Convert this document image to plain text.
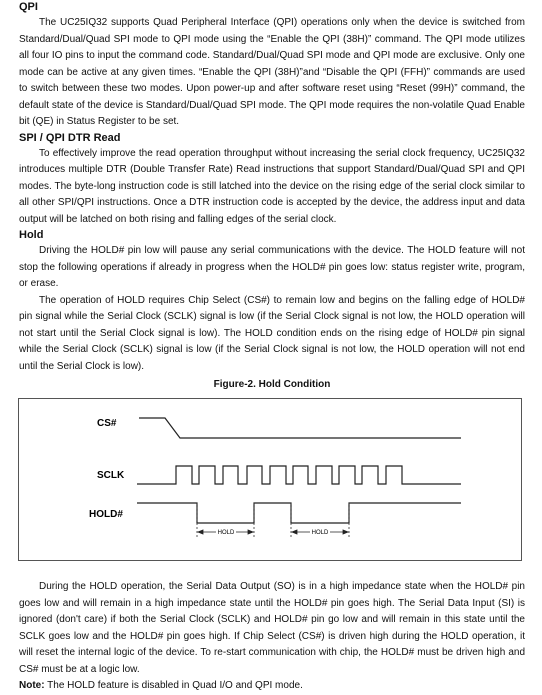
QPI

The UC25IQ32 supports Quad Peripheral Interface (QPI) operations only when the device is switched from Standard/Dual/Quad SPI mode to QPI mode using the “Enable the QPI (38H)” command. The QPI mode utilizes all four IO pins to input the command code. Standard/Dual/Quad SPI mode and QPI mode are exclusive. Only one mode can be active at any given times. “Enable the QPI (38H)”and “Disable the QPI (FFH)” commands are used to switch between these two modes. Upon power-up and after software reset using “Reset (99H)” command, the default state of the device is Standard/Dual/Quad SPI mode. The QPI mode requires the non-volatile Quad Enable bit (QE) in Status Register to be set.

SPI / QPI DTR Read

To effectively improve the read operation throughput without increasing the serial clock frequency, UC25IQ32 introduces multiple DTR (Double Transfer Rate) Read instructions that support Standard/Dual/Quad SPI and QPI modes. The byte-long instruction code is still latched into the device on the rising edge of the serial clock similar to all other SPI/QPI instructions. Once a DTR instruction code is accepted by the device, the address input and data output will be latched on both rising and falling edges of the serial clock.

Hold

Driving the HOLD# pin low will pause any serial communications with the device. The HOLD feature will not stop the following operations if already in progress when the HOLD# pin goes low: status register write, program, or erase.

The operation of HOLD requires Chip Select (CS#) to remain low and begins on the falling edge of HOLD# pin signal while the Serial Clock (SCLK) signal is low (if the Serial Clock signal is not low, the HOLD operation will not start until the Serial Clock signal is low). The HOLD condition ends on the rising edge of HOLD# pin signal while the Serial Clock (SCLK) signal is low (if the Serial Clock signal is not low, the HOLD operation will not end until the Serial Clock is low).

Figure-2. Hold Condition
CS#
SCLK
HOLD#
HOLD	HOLD

During the HOLD operation, the Serial Data Output (SO) is in a high impedance state when the HOLD# pin goes low and will remain in a high impedance state until the HOLD# pin goes high. The Serial Data Input (SI) is ignored (don't care) if both the Serial Clock (SCLK) and HOLD# pin go low and will remain in this state until the SCLK goes low and the HOLD# pin goes high. If Chip Select (CS#) is driven high during the HOLD operation, it will reset the internal logic of the device. To re-start communication with chip, the HOLD# must be driven high and CS# must be at a logic low.

Note: The HOLD feature is disabled in Quad I/O and QPI mode.
